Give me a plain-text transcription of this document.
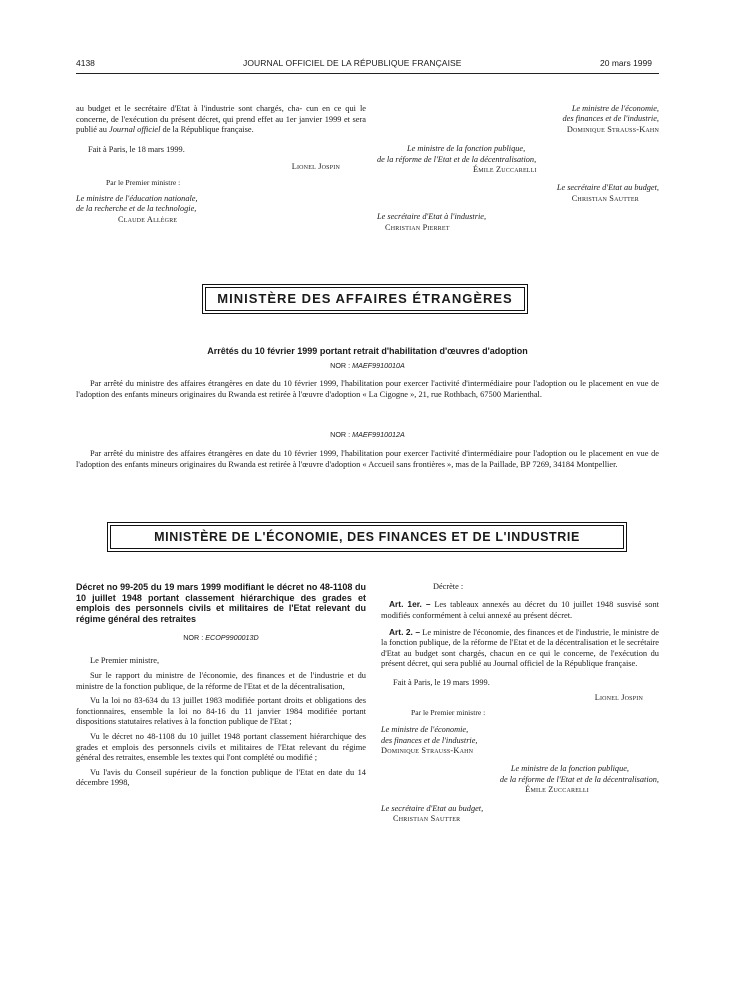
4138	JOURNAL OFFICIEL DE LA RÉPUBLIQUE FRANÇAISE	20 mars 1999

au budget et le secrétaire d'Etat à l'industrie sont chargés, cha- cun en ce qui le concerne, de l'exécution du présent décret, qui prend effet au 1er janvier 1999 et sera publié au Journal officiel de la République française.

Fait à Paris, le 18 mars 1999.
Lionel Jospin
Par le Premier ministre :
Le ministre de l'éducation nationale,
de la recherche et de la technologie,
Claude Allègre
Le ministre de l'économie,
des finances et de l'industrie,
Dominique Strauss-Kahn
Le ministre de la fonction publique,
de la réforme de l'Etat et de la décentralisation,
Émile Zuccarelli
Le secrétaire d'Etat au budget,
Christian Sautter
Le secrétaire d'Etat à l'industrie,
Christian Pierret
MINISTÈRE DES AFFAIRES ÉTRANGÈRES
Arrêtés du 10 février 1999 portant retrait d'habilitation d'œuvres d'adoption
NOR : MAEF9910010A

Par arrêté du ministre des affaires étrangères en date du 10 février 1999, l'habilitation pour exercer l'activité d'intermédiaire pour l'adoption ou le placement en vue de l'adoption des enfants mineurs originaires du Rwanda est retirée à l'œuvre d'adoption « La Cigogne », 21, rue Rothbach, 67500 Marienthal.

NOR : MAEF9910012A

Par arrêté du ministre des affaires étrangères en date du 10 février 1999, l'habilitation pour exercer l'activité d'intermédiaire pour l'adoption ou le placement en vue de l'adoption des enfants mineurs originaires du Rwanda est retirée à l'œuvre d'adoption « Accueil sans frontières », mas de la Paillade, BP 7269, 34184 Montpellier.

MINISTÈRE DE L'ÉCONOMIE, DES FINANCES ET DE L'INDUSTRIE
Décret no 99-205 du 19 mars 1999 modifiant le décret no 48-1108 du 10 juillet 1948 portant classement hiérarchique des grades et emplois des personnels civils et militaires de l'Etat relevant du régime général des retraites
NOR : ECOP9900013D

Le Premier ministre,

Sur le rapport du ministre de l'économie, des finances et de l'industrie et du ministre de la fonction publique, de la réforme de l'Etat et de la décentralisation,

Vu la loi no 83-634 du 13 juillet 1983 modifiée portant droits et obligations des fonctionnaires, ensemble la loi no 84-16 du 11 janvier 1984 modifiée portant dispositions statutaires relatives à la fonction publique de l'Etat ;

Vu le décret no 48-1108 du 10 juillet 1948 portant classement hiérarchique des grades et emplois des personnels civils et militaires de l'Etat relevant du régime général des retraites, ensemble les textes qui l'ont complété ou modifié ;

Vu l'avis du Conseil supérieur de la fonction publique de l'Etat en date du 14 décembre 1998,

Décrète :

Art. 1er. – Les tableaux annexés au décret du 10 juillet 1948 susvisé sont modifiés conformément à celui annexé au présent décret.

Art. 2. – Le ministre de l'économie, des finances et de l'industrie, le ministre de la fonction publique, de la réforme de l'Etat et de la décentralisation et le secrétaire d'Etat au budget sont chargés, chacun en ce qui le concerne, de l'exécution du présent décret, qui sera publié au Journal officiel de la République française.

Fait à Paris, le 19 mars 1999.
Lionel Jospin
Par le Premier ministre :
Le ministre de l'économie,
des finances et de l'industrie,
Dominique Strauss-Kahn
Le ministre de la fonction publique,
de la réforme de l'Etat et de la décentralisation,
Émile Zuccarelli
Le secrétaire d'Etat au budget,
Christian Sautter
